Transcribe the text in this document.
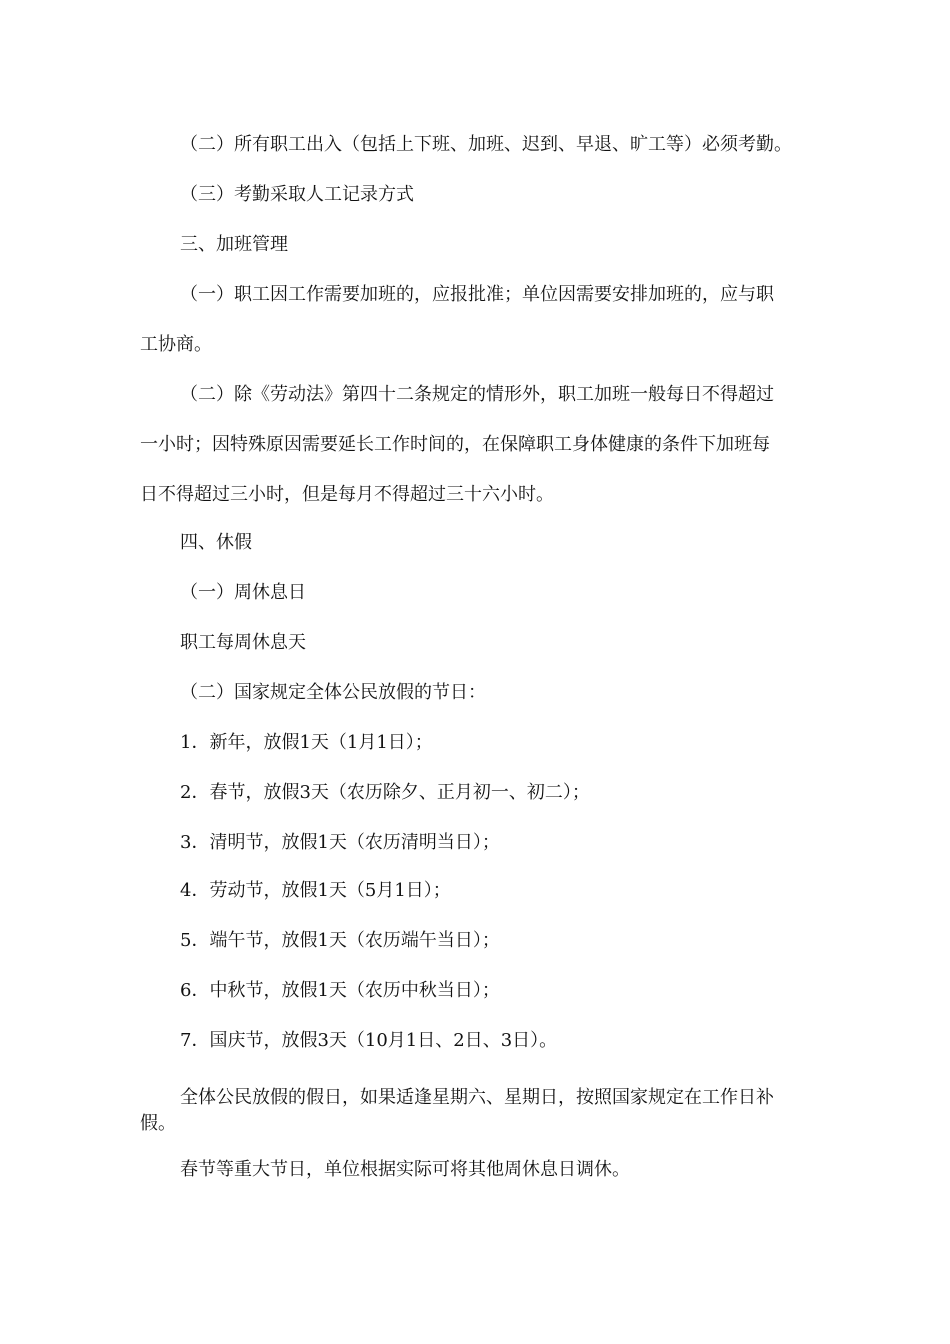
（二）所有职工出入（包括上下班、加班、迟到、早退、旷工等）必须考勤。

（三）考勤采取人工记录方式

三、加班管理

（一）职工因工作需要加班的，应报批准；单位因需要安排加班的，应与职
工协商。

（二）除《劳动法》第四十二条规定的情形外，职工加班一般每日不得超过
一小时；因特殊原因需要延长工作时间的，在保障职工身体健康的条件下加班每
日不得超过三小时，但是每月不得超过三十六小时。

四、休假

（一）周休息日

职工每周休息天

（二）国家规定全体公民放假的节日：

1．新年，放假1天（1月1日）；

2．春节，放假3天（农历除夕、正月初一、初二）；

3．清明节，放假1天（农历清明当日）；

4．劳动节，放假1天（5月1日）；

5．端午节，放假1天（农历端午当日）；

6．中秋节，放假1天（农历中秋当日）；

7．国庆节，放假3天（10月1日、2日、3日）。

全体公民放假的假日，如果适逢星期六、星期日，按照国家规定在工作日补
假。

春节等重大节日，单位根据实际可将其他周休息日调休。
